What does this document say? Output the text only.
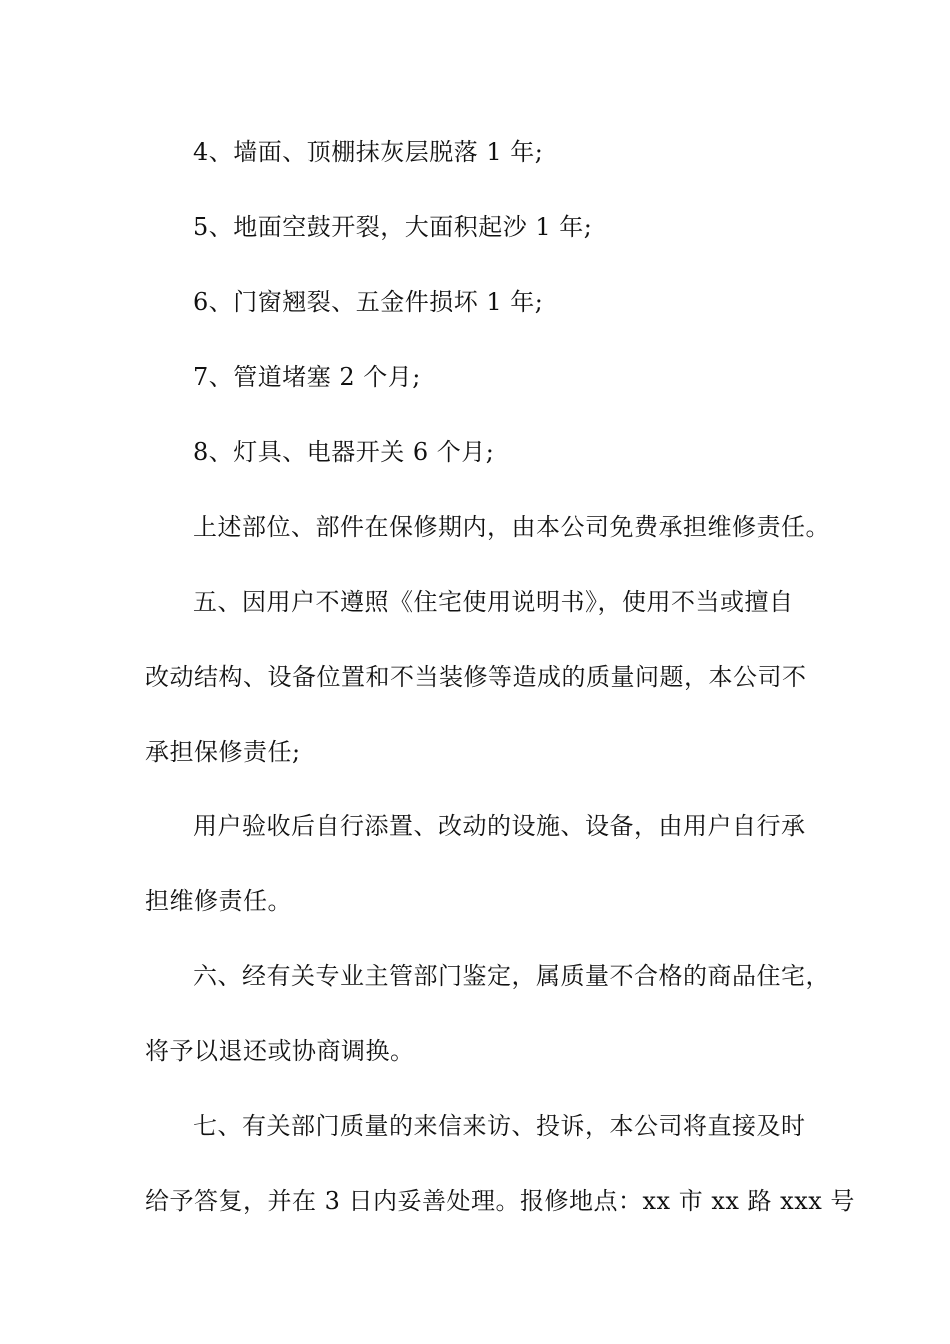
4、墙面、顶棚抹灰层脱落 1 年;
5、地面空鼓开裂，大面积起沙 1 年;
6、门窗翘裂、五金件损坏 1 年;
7、管道堵塞 2 个月;
8、灯具、电器开关 6 个月;
上述部位、部件在保修期内，由本公司免费承担维修责任。
五、因用户不遵照《住宅使用说明书》，使用不当或擅自
改动结构、设备位置和不当装修等造成的质量问题，本公司不
承担保修责任;
用户验收后自行添置、改动的设施、设备，由用户自行承
担维修责任。
六、经有关专业主管部门鉴定，属质量不合格的商品住宅，
将予以退还或协商调换。
七、有关部门质量的来信来访、投诉，本公司将直接及时
给予答复，并在 3 日内妥善处理。报修地点：xx 市 xx 路 xxx 号
